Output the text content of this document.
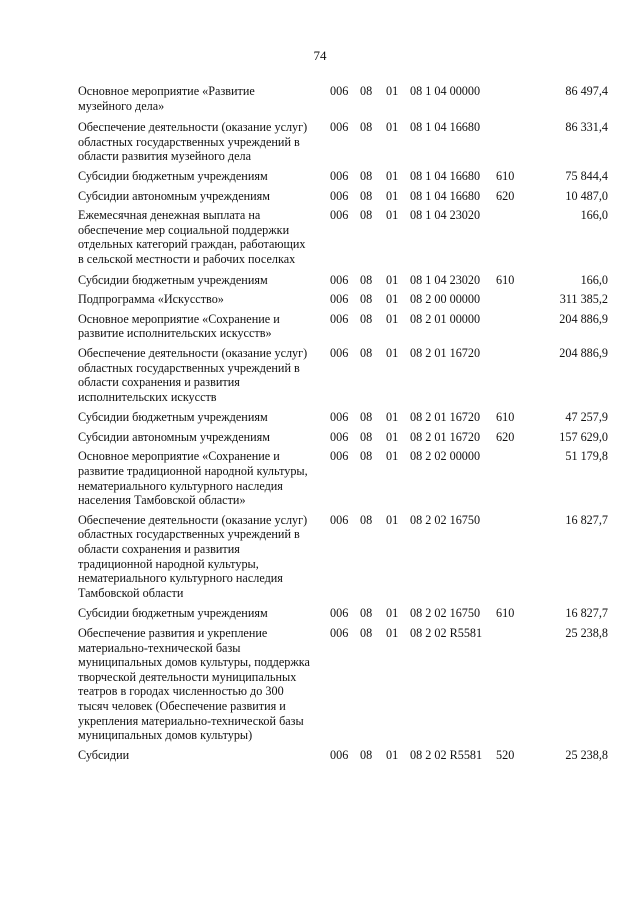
74
Основное мероприятие «Развитие музейного дела»
006 08 01 08 1 04 00000	86 497,4
Обеспечение деятельности (оказание услуг) областных государственных учреждений в области развития музейного дела
006 08 01 08 1 04 16680	86 331,4
Субсидии бюджетным учреждениям	006 08 01 08 1 04 16680 610	75 844,4
Субсидии автономным учреждениям	006 08 01 08 1 04 16680 620	10 487,0
Ежемесячная денежная выплата на обеспечение мер социальной поддержки отдельных категорий граждан, работающих в сельской местности и рабочих поселках
006 08 01 08 1 04 23020	166,0
Субсидии бюджетным учреждениям	006 08 01 08 1 04 23020 610	166,0
Подпрограмма «Искусство»	006 08 01 08 2 00 00000	311 385,2
Основное мероприятие «Сохранение и развитие исполнительских искусств»
006 08 01 08 2 01 00000	204 886,9
Обеспечение деятельности (оказание услуг) областных государственных учреждений в области сохранения и развития исполнительских искусств
006 08 01 08 2 01 16720	204 886,9
Субсидии бюджетным учреждениям	006 08 01 08 2 01 16720 610	47 257,9
Субсидии автономным учреждениям	006 08 01 08 2 01 16720 620	157 629,0
Основное мероприятие «Сохранение и развитие традиционной народной культуры, нематериального культурного наследия населения Тамбовской области»
006 08 01 08 2 02 00000	51 179,8
Обеспечение деятельности (оказание услуг) областных государственных учреждений в области сохранения и развития традиционной народной культуры, нематериального культурного наследия Тамбовской области
006 08 01 08 2 02 16750	16 827,7
Субсидии бюджетным учреждениям	006 08 01 08 2 02 16750 610	16 827,7
Обеспечение развития и укрепление материально-технической базы муниципальных домов культуры, поддержка творческой деятельности муниципальных театров в городах численностью до 300 тысяч человек (Обеспечение развития и укрепления материально-технической базы муниципальных домов культуры)
006 08 01 08 2 02 R5581	25 238,8
Субсидии	006 08 01 08 2 02 R5581 520	25 238,8
